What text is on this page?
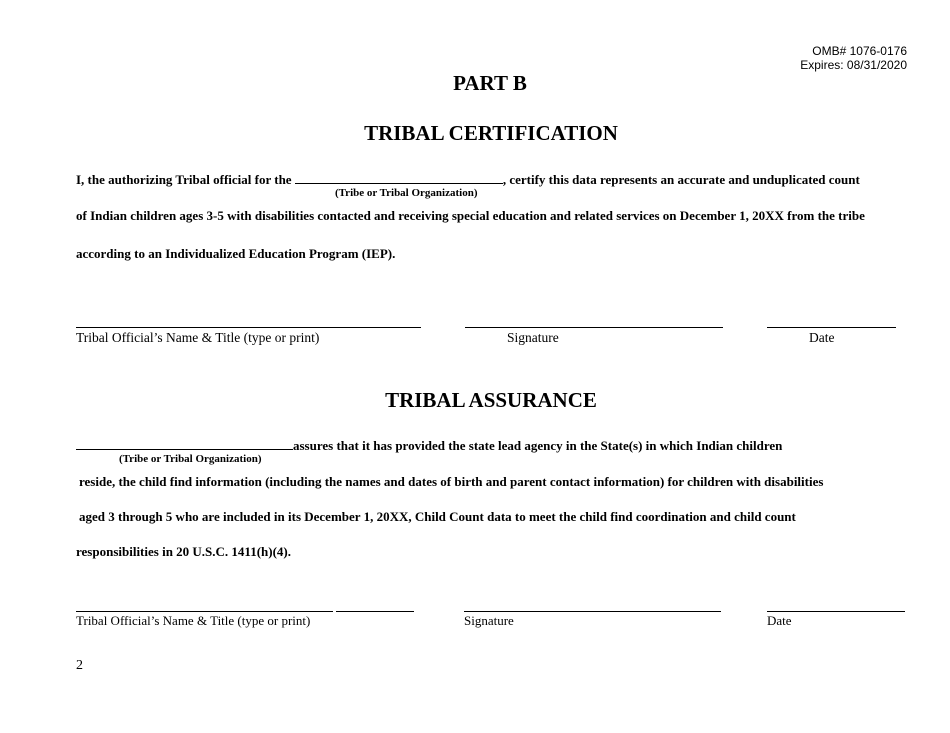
OMB# 1076-0176
Expires: 08/31/2020
PART B
TRIBAL CERTIFICATION
I, the authorizing Tribal official for the	, certify this data represents an accurate and unduplicated count
(Tribe or Tribal Organization)
of Indian children ages 3-5 with disabilities contacted and receiving special education and related services on December 1, 20XX from the tribe
according to an Individualized Education Program (IEP).
Tribal Official’s Name & Title (type or print)	Signature	Date
TRIBAL ASSURANCE
assures that it has provided the state lead agency in the State(s) in which Indian children
(Tribe or Tribal Organization)
reside, the child find information (including the names and dates of birth and parent contact information) for children with disabilities
aged 3 through 5 who are included in its December 1, 20XX, Child Count data to meet the child find coordination and child count
responsibilities in 20 U.S.C. 1411(h)(4).
Tribal Official’s Name & Title (type or print)	Signature	Date
2
